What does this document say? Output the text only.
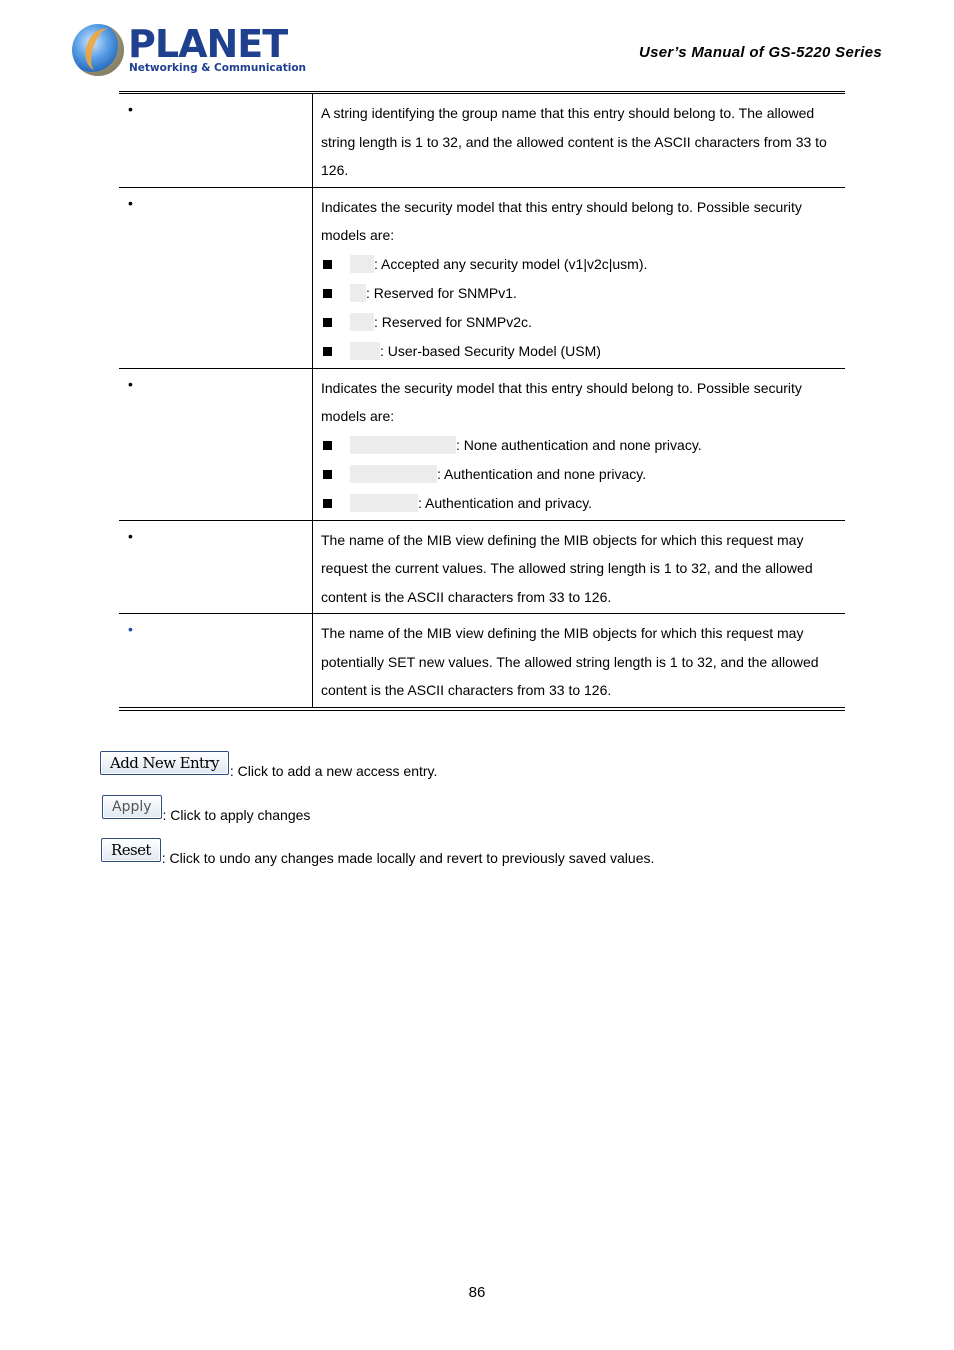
PLANET
Networking & Communication
User’s Manual of GS-5220 Series
•	A string identifying the group name that this entry should belong to. The allowed string length is 1 to 32, and the allowed content is the ASCII characters from 33 to 126.

•	Indicates the security model that this entry should belong to. Possible security models are:

: Accepted any security model (v1|v2c|usm).
: Reserved for SNMPv1.
: Reserved for SNMPv2c.
: User-based Security Model (USM)

•	Indicates the security model that this entry should belong to. Possible security models are:

: None authentication and none privacy.
: Authentication and none privacy.
: Authentication and privacy.

•	The name of the MIB view defining the MIB objects for which this request may request the current values. The allowed string length is 1 to 32, and the allowed content is the ASCII characters from 33 to 126.

•	The name of the MIB view defining the MIB objects for which this request may potentially SET new values. The allowed string length is 1 to 32, and the allowed content is the ASCII characters from 33 to 126.

Add New Entry : Click to add a new access entry.
Apply : Click to apply changes
Reset : Click to undo any changes made locally and revert to previously saved values.
86
